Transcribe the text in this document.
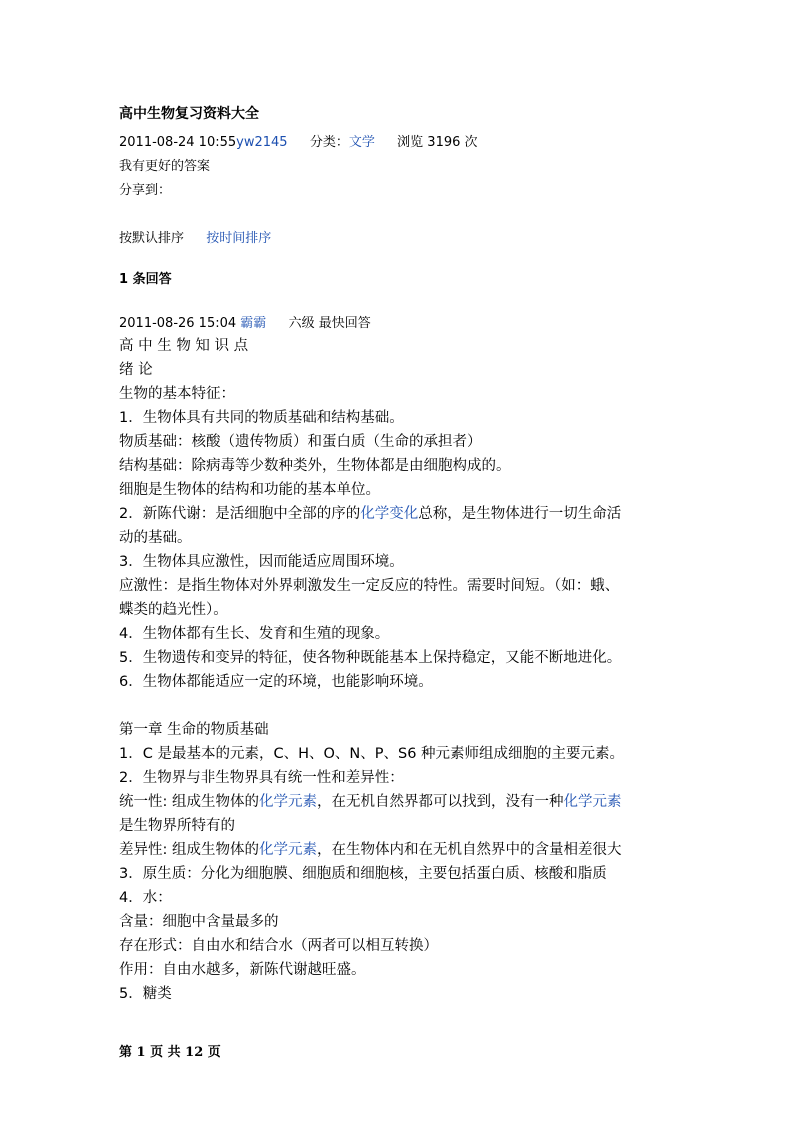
高中生物复习资料大全
2011-08-24 10:55yw2145 分类：文学 浏览 3196 次
我有更好的答案
分享到：
按默认排序 按时间排序
1 条回答
2011-08-26 15:04 霸霸 六级 最快回答
高 中 生 物 知 识 点
绪 论
生物的基本特征：
1．生物体具有共同的物质基础和结构基础。
物质基础：核酸（遗传物质）和蛋白质（生命的承担者）
结构基础：除病毒等少数种类外，生物体都是由细胞构成的。
细胞是生物体的结构和功能的基本单位。
2．新陈代谢：是活细胞中全部的序的化学变化总称，是生物体进行一切生命活
动的基础。
3．生物体具应激性，因而能适应周围环境。
应激性：是指生物体对外界刺激发生一定反应的特性。需要时间短。（如：蛾、
蝶类的趋光性）。
4．生物体都有生长、发育和生殖的现象。
5．生物遗传和变异的特征，使各物种既能基本上保持稳定，又能不断地进化。
6．生物体都能适应一定的环境，也能影响环境。
第一章 生命的物质基础
1．C 是最基本的元素，C、H、O、N、P、S6 种元素师组成细胞的主要元素。
2．生物界与非生物界具有统一性和差异性：
统一性: 组成生物体的化学元素，在无机自然界都可以找到，没有一种化学元素
是生物界所特有的
差异性: 组成生物体的化学元素，在生物体内和在无机自然界中的含量相差很大
3．原生质：分化为细胞膜、细胞质和细胞核，主要包括蛋白质、核酸和脂质
4．水：
含量：细胞中含量最多的
存在形式：自由水和结合水（两者可以相互转换）
作用：自由水越多，新陈代谢越旺盛。
5．糖类
第 1 页 共 12 页
